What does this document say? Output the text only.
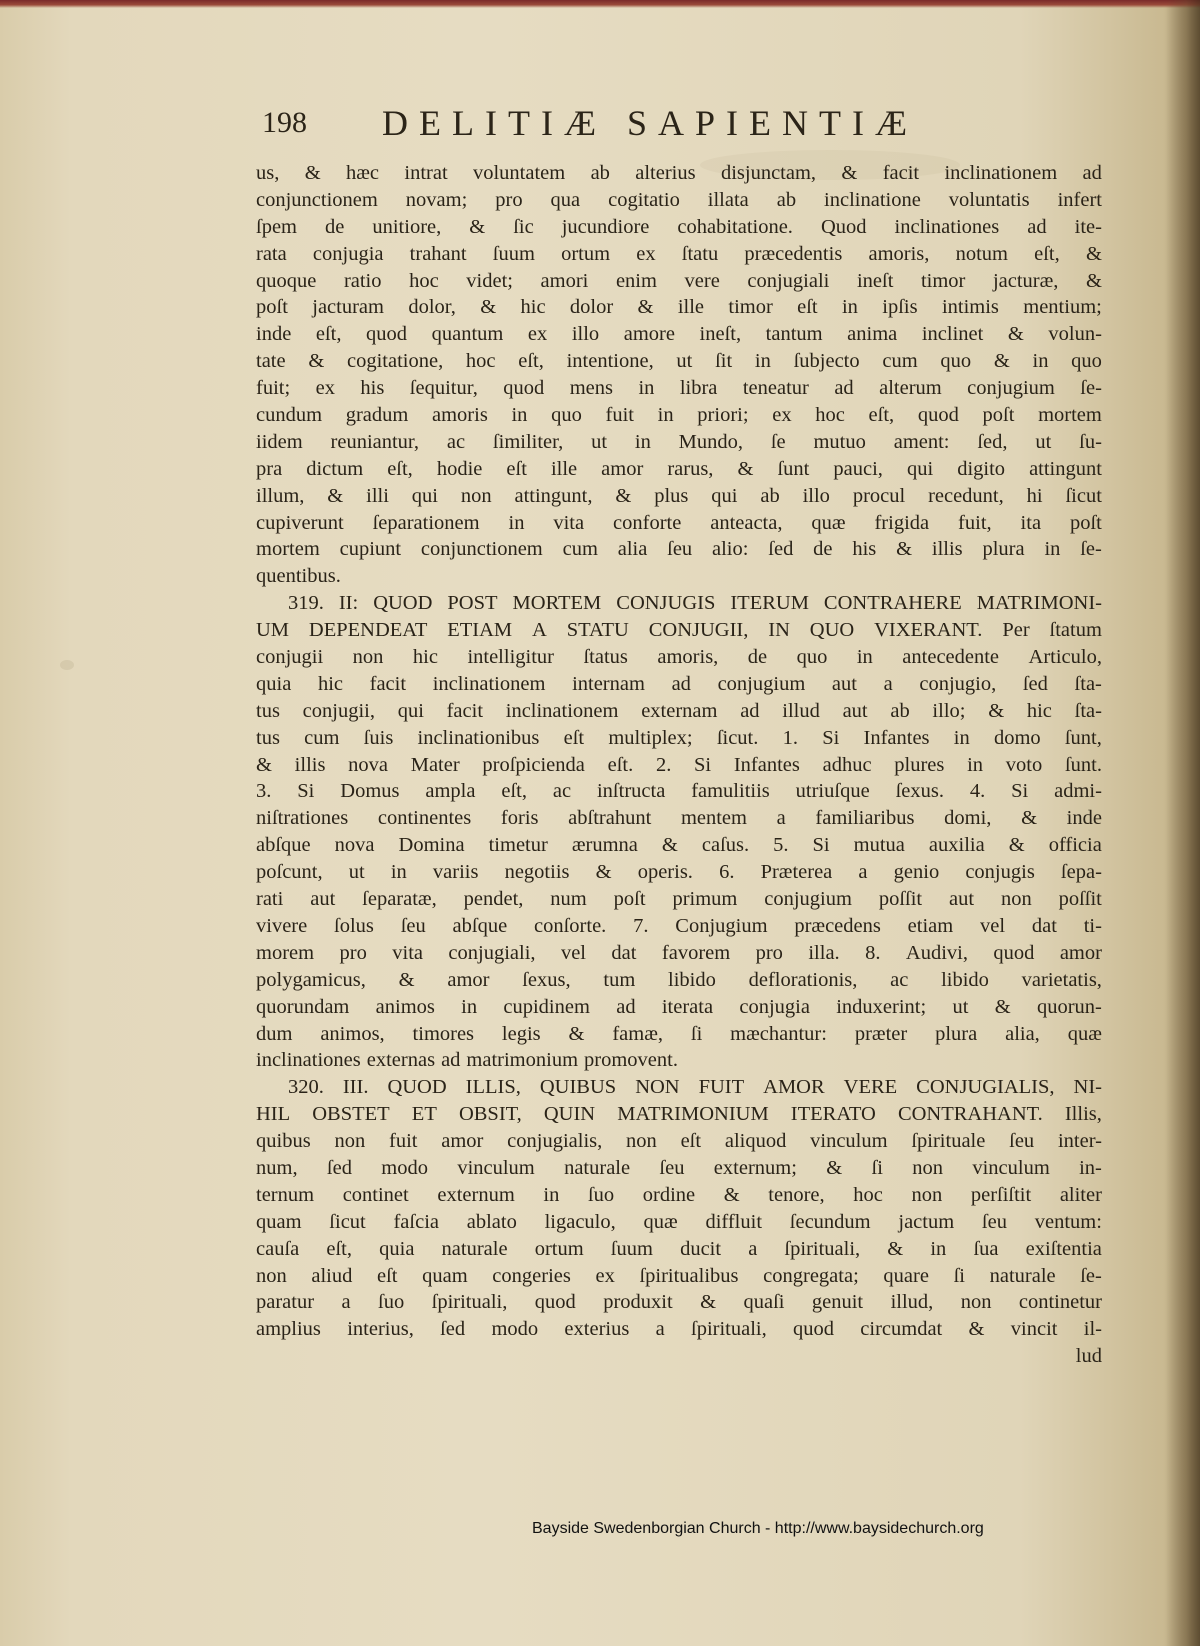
198 DELITIÆ SAPIENTIÆ
us, & hæc intrat voluntatem ab alterius disjunctam, & facit inclinationem ad
conjunctionem novam; pro qua cogitatio illata ab inclinatione voluntatis infert
ſpem de unitiore, & ſic jucundiore cohabitatione. Quod inclinationes ad ite-
rata conjugia trahant ſuum ortum ex ſtatu præcedentis amoris, notum eſt, &
quoque ratio hoc videt; amori enim vere conjugiali ineſt timor jacturæ, &
poſt jacturam dolor, & hic dolor & ille timor eſt in ipſis intimis mentium;
inde eſt, quod quantum ex illo amore ineſt, tantum anima inclinet & volun-
tate & cogitatione, hoc eſt, intentione, ut ſit in ſubjecto cum quo & in quo
fuit; ex his ſequitur, quod mens in libra teneatur ad alterum conjugium ſe-
cundum gradum amoris in quo fuit in priori; ex hoc eſt, quod poſt mortem
iidem reuniantur, ac ſimiliter, ut in Mundo, ſe mutuo ament: ſed, ut ſu-
pra dictum eſt, hodie eſt ille amor rarus, & ſunt pauci, qui digito attingunt
illum, & illi qui non attingunt, & plus qui ab illo procul recedunt, hi ſicut
cupiverunt ſeparationem in vita conforte anteacta, quæ frigida fuit, ita poſt
mortem cupiunt conjunctionem cum alia ſeu alio: ſed de his & illis plura in ſe-
quentibus.
319. II: QUOD POST MORTEM CONJUGIS ITERUM CONTRAHERE MATRIMONI-
UM DEPENDEAT ETIAM A STATU CONJUGII, IN QUO VIXERANT. Per ſtatum
conjugii non hic intelligitur ſtatus amoris, de quo in antecedente Articulo,
quia hic facit inclinationem internam ad conjugium aut a conjugio, ſed ſta-
tus conjugii, qui facit inclinationem externam ad illud aut ab illo; & hic ſta-
tus cum ſuis inclinationibus eſt multiplex; ſicut. 1. Si Infantes in domo ſunt,
& illis nova Mater proſpicienda eſt. 2. Si Infantes adhuc plures in voto ſunt.
3. Si Domus ampla eſt, ac inſtructa famulitiis utriuſque ſexus. 4. Si admi-
niſtrationes continentes foris abſtrahunt mentem a familiaribus domi, & inde
abſque nova Domina timetur ærumna & caſus. 5. Si mutua auxilia & officia
poſcunt, ut in variis negotiis & operis. 6. Præterea a genio conjugis ſepa-
rati aut ſeparatæ, pendet, num poſt primum conjugium poſſit aut non poſſit
vivere ſolus ſeu abſque conſorte. 7. Conjugium præcedens etiam vel dat ti-
morem pro vita conjugiali, vel dat favorem pro illa. 8. Audivi, quod amor
polygamicus, & amor ſexus, tum libido deflorationis, ac libido varietatis,
quorundam animos in cupidinem ad iterata conjugia induxerint; ut & quorun-
dum animos, timores legis & famæ, ſi mæchantur: præter plura alia, quæ
inclinationes externas ad matrimonium promovent.
320. III. QUOD ILLIS, QUIBUS NON FUIT AMOR VERE CONJUGIALIS, NI-
HIL OBSTET ET OBSIT, QUIN MATRIMONIUM ITERATO CONTRAHANT. Illis,
quibus non fuit amor conjugialis, non eſt aliquod vinculum ſpirituale ſeu inter-
num, ſed modo vinculum naturale ſeu externum; & ſi non vinculum in-
ternum continet externum in ſuo ordine & tenore, hoc non perſiſtit aliter
quam ſicut faſcia ablato ligaculo, quæ diffluit ſecundum jactum ſeu ventum:
cauſa eſt, quia naturale ortum ſuum ducit a ſpirituali, & in ſua exiſtentia
non aliud eſt quam congeries ex ſpiritualibus congregata; quare ſi naturale ſe-
paratur a ſuo ſpirituali, quod produxit & quaſi genuit illud, non continetur
amplius interius, ſed modo exterius a ſpirituali, quod circumdat & vincit il-
lud
Bayside Swedenborgian Church - http://www.baysidechurch.org
